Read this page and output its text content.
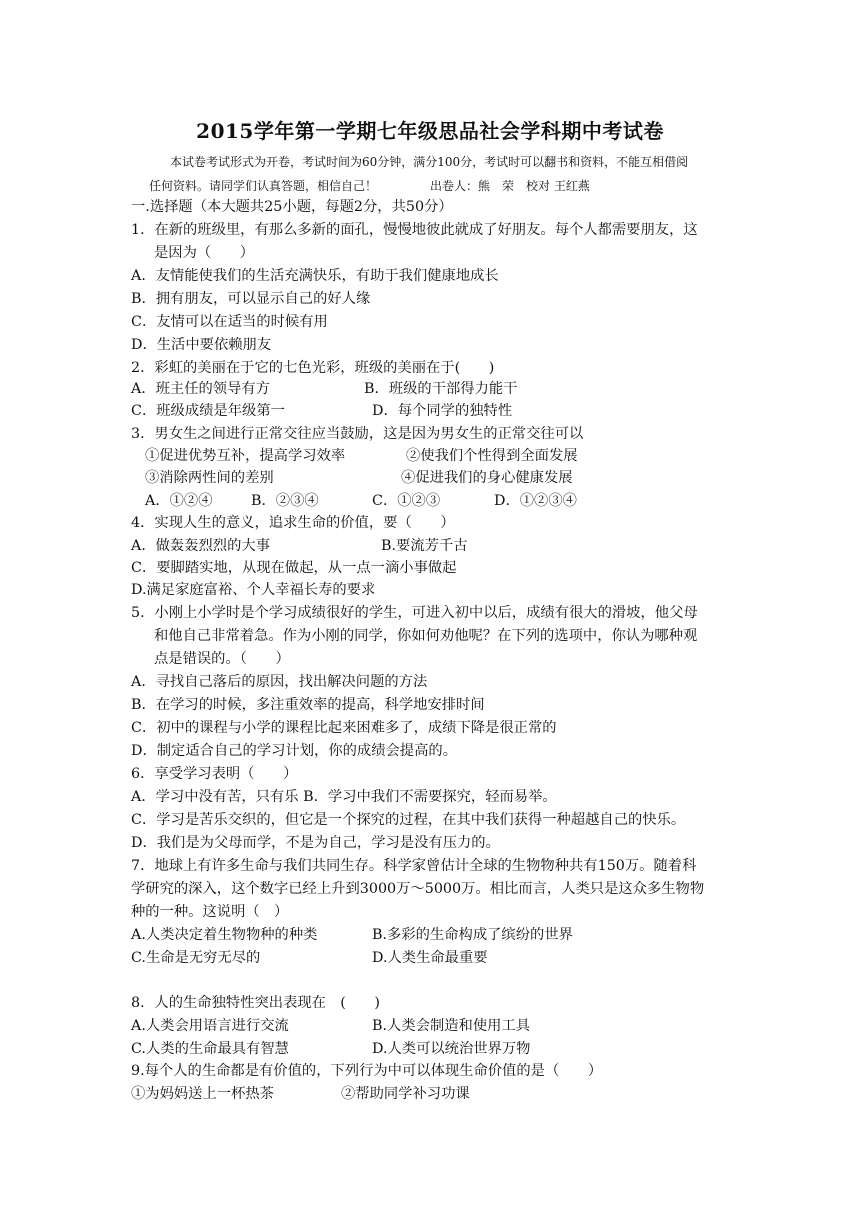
2015学年第一学期七年级思品社会学科期中考试卷
本试卷考试形式为开卷，考试时间为60分钟，满分100分，考试时可以翻书和资料，不能互相借阅
任何资料。请同学们认真答题，相信自己！	出卷人：熊　荣　校对 王红燕
一.选择题（本大题共25小题，每题2分，共50分）
1．在新的班级里，有那么多新的面孔，慢慢地彼此就成了好朋友。每个人都需要朋友，这
是因为（　　）
A．友情能使我们的生活充满快乐，有助于我们健康地成长
B．拥有朋友，可以显示自己的好人缘
C．友情可以在适当的时候有用
D．生活中要依赖朋友
2．彩虹的美丽在于它的七色光彩，班级的美丽在于(　　)
A．班主任的领导有方	B．班级的干部得力能干
C．班级成绩是年级第一	D．每个同学的独特性
3．男女生之间进行正常交往应当鼓励，这是因为男女生的正常交往可以
①促进优势互补，提高学习效率	②使我们个性得到全面发展
③消除两性间的差别	④促进我们的身心健康发展
A．①②④	B．②③④	C．①②③	D．①②③④
4．实现人生的意义，追求生命的价值，要（　　）
A．做轰轰烈烈的大事	B.要流芳千古
C．要脚踏实地，从现在做起，从一点一滴小事做起
D.满足家庭富裕、个人幸福长寿的要求
5．小刚上小学时是个学习成绩很好的学生，可进入初中以后，成绩有很大的滑坡，他父母
和他自己非常着急。作为小刚的同学，你如何劝他呢？在下列的选项中，你认为哪种观
点是错误的。（　　）
A．寻找自己落后的原因，找出解决问题的方法
B．在学习的时候，多注重效率的提高，科学地安排时间
C．初中的课程与小学的课程比起来困难多了，成绩下降是很正常的
D．制定适合自己的学习计划，你的成绩会提高的。
6．享受学习表明（　　）
A．学习中没有苦，只有乐 B．学习中我们不需要探究，轻而易举。
C．学习是苦乐交织的，但它是一个探究的过程，在其中我们获得一种超越自己的快乐。
D．我们是为父母而学，不是为自己，学习是没有压力的。
7．地球上有许多生命与我们共同生存。科学家曾估计全球的生物物种共有150万。随着科
学研究的深入，这个数字已经上升到3000万～5000万。相比而言，人类只是这众多生物物
种的一种。这说明（　）
A.人类决定着生物物种的种类	B.多彩的生命构成了缤纷的世界
C.生命是无穷无尽的	D.人类生命最重要
8．人的生命独特性突出表现在　(　　)
A.人类会用语言进行交流	B.人类会制造和使用工具
C.人类的生命最具有智慧	D.人类可以统治世界万物
9.每个人的生命都是有价值的，下列行为中可以体现生命价值的是（　　）
①为妈妈送上一杯热茶	②帮助同学补习功课
